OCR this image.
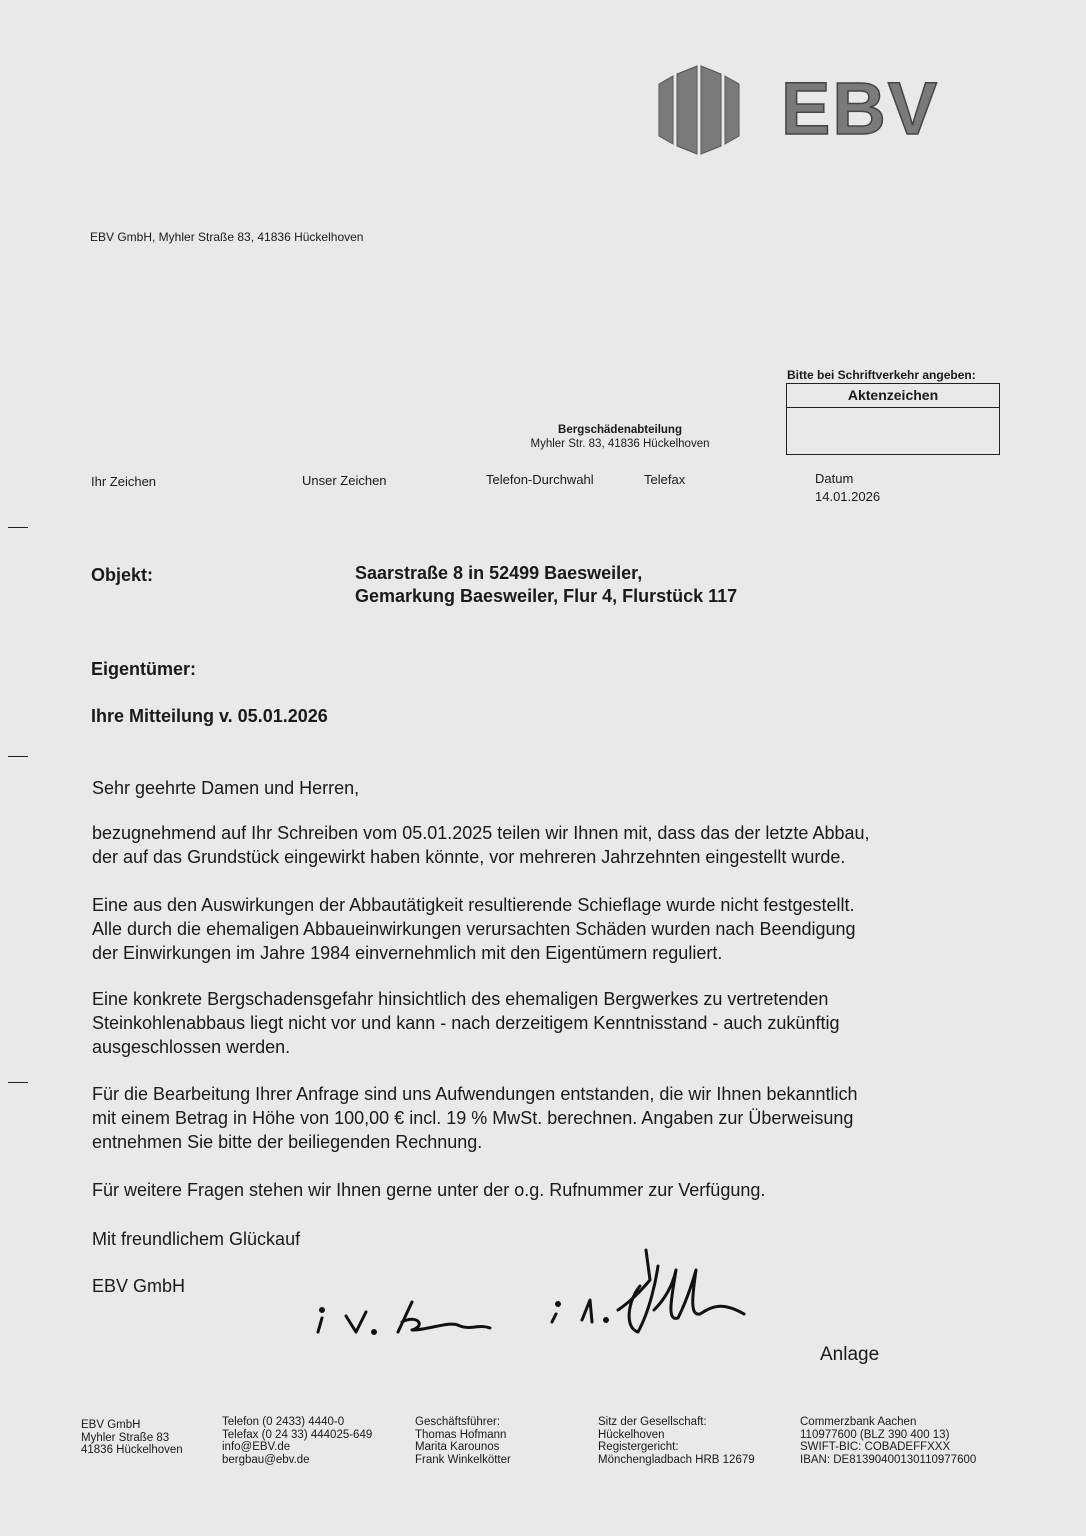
EBV
EBV GmbH, Myhler Straße 83, 41836 Hückelhoven
Bitte bei Schriftverkehr angeben:
Aktenzeichen
Bergschädenabteilung
Myhler Str. 83, 41836 Hückelhoven
Ihr Zeichen	Unser Zeichen	Telefon-Durchwahl	Telefax	Datum
14.01.2026
Objekt:	Saarstraße 8 in 52499 Baesweiler,
Gemarkung Baesweiler, Flur 4, Flurstück 117
Eigentümer:
Ihre Mitteilung v. 05.01.2026
Sehr geehrte Damen und Herren,
bezugnehmend auf Ihr Schreiben vom 05.01.2025 teilen wir Ihnen mit, dass das der letzte Abbau,
der auf das Grundstück eingewirkt haben könnte, vor mehreren Jahrzehnten eingestellt wurde.
Eine aus den Auswirkungen der Abbautätigkeit resultierende Schieflage wurde nicht festgestellt.
Alle durch die ehemaligen Abbaueinwirkungen verursachten Schäden wurden nach Beendigung
der Einwirkungen im Jahre 1984 einvernehmlich mit den Eigentümern reguliert.
Eine konkrete Bergschadensgefahr hinsichtlich des ehemaligen Bergwerkes zu vertretenden
Steinkohlenabbaus liegt nicht vor und kann - nach derzeitigem Kenntnisstand - auch zukünftig
ausgeschlossen werden.
Für die Bearbeitung Ihrer Anfrage sind uns Aufwendungen entstanden, die wir Ihnen bekanntlich
mit einem Betrag in Höhe von 100,00 € incl. 19 % MwSt. berechnen. Angaben zur Überweisung
entnehmen Sie bitte der beiliegenden Rechnung.
Für weitere Fragen stehen wir Ihnen gerne unter der o.g. Rufnummer zur Verfügung.
Mit freundlichem Glückauf
EBV GmbH
Anlage
EBV GmbH
Myhler Straße 83
41836 Hückelhoven
Telefon (0 2433) 4440-0
Telefax (0 24 33) 444025-649
info@EBV.de
bergbau@ebv.de
Geschäftsführer:
Thomas Hofmann
Marita Karounos
Frank Winkelkötter
Sitz der Gesellschaft:
Hückelhoven
Registergericht:
Mönchengladbach HRB 12679
Commerzbank Aachen
110977600 (BLZ 390 400 13)
SWIFT-BIC: COBADEFFXXX
IBAN: DE81390400130110977600
